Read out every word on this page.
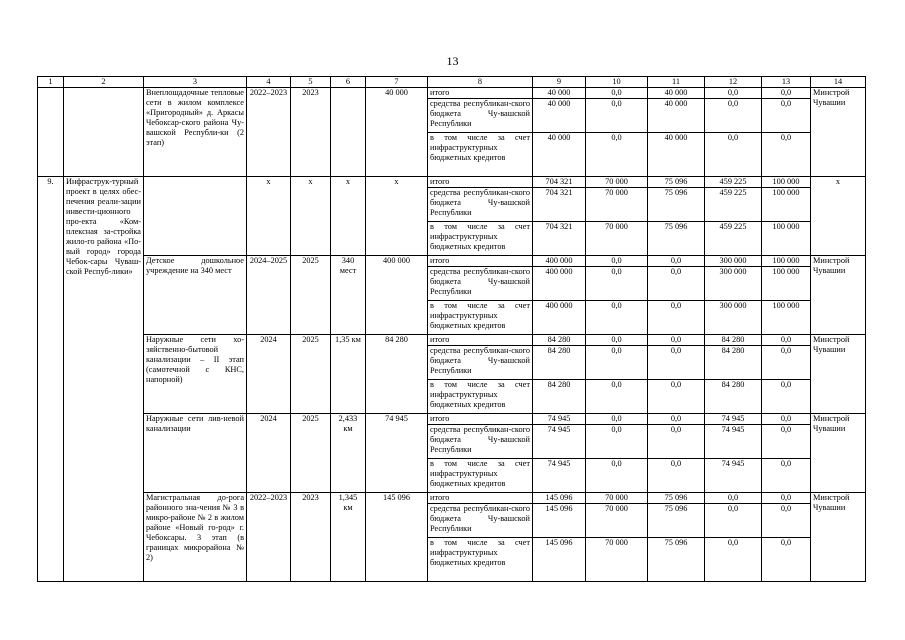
13
1	2	3	4	5	6	7	8	9	10	11	12	13	14
		Внеплощадочные тепловые сети в жилом комплексе «Пригородный» д. Аркасы Чебоксар-ского района Чу-вашской Республи-ки (2 этап)	2022–2023	2023		40 000	итого	40 000	0,0	40 000	0,0	0,0	Минстрой Чувашии
							средства республикан-ского бюджета Чу-вашской Республики	40 000	0,0	40 000	0,0	0,0	
							в том числе за счет инфраструктурных бюджетных кредитов	40 000	0,0	40 000	0,0	0,0	
9.	Инфраструк-турный проект в целях обес-печения реали-зации инвести-ционного про-екта «Ком-плексная за-стройка жило-го района «По-вый город» города Чебок-сары Чуваш-ской Респуб-лики»		х	х	х	х	итого	704 321	70 000	75 096	459 225	100 000	х
							средства республикан-ского бюджета Чу-вашской Республики	704 321	70 000	75 096	459 225	100 000	
							в том числе за счет инфраструктурных бюджетных кредитов	704 321	70 000	75 096	459 225	100 000	
		Детское дошкольное учреждение на 340 мест	2024–2025	2025	340 мест	400 000	итого	400 000	0,0	0,0	300 000	100 000	Минстрой Чувашии
							средства республикан-ского бюджета Чу-вашской Республики	400 000	0,0	0,0	300 000	100 000	
							в том числе за счет инфраструктурных бюджетных кредитов	400 000	0,0	0,0	300 000	100 000	
		Наружные сети хо-зяйственно-бытовой канализации – II этап (самотечной с КНС, напорной)	2024	2025	1,35 км	84 280	итого	84 280	0,0	0,0	84 280	0,0	Минстрой Чувашии
							средства республикан-ского бюджета Чу-вашской Республики	84 280	0,0	0,0	84 280	0,0	
							в том числе за счет инфраструктурных бюджетных кредитов	84 280	0,0	0,0	84 280	0,0	
		Наружные сети лив-невой канализации	2024	2025	2,433 км	74 945	итого	74 945	0,0	0,0	74 945	0,0	Минстрой Чувашии
							средства республикан-ского бюджета Чу-вашской Республики	74 945	0,0	0,0	74 945	0,0	
							в том числе за счет инфраструктурных бюджетных кредитов	74 945	0,0	0,0	74 945	0,0	
		Магистральная до-рога районного зна-чения № 3 в микро-районе № 2 в жилом районе «Новый го-род» г. Чебоксары. 3 этап (в границах микрорайона № 2)	2022–2023	2023	1,345 км	145 096	итого	145 096	70 000	75 096	0,0	0,0	Минстрой Чувашии
							средства республикан-ского бюджета Чу-вашской Республики	145 096	70 000	75 096	0,0	0,0	
							в том числе за счет инфраструктурных бюджетных кредитов	145 096	70 000	75 096	0,0	0,0	
